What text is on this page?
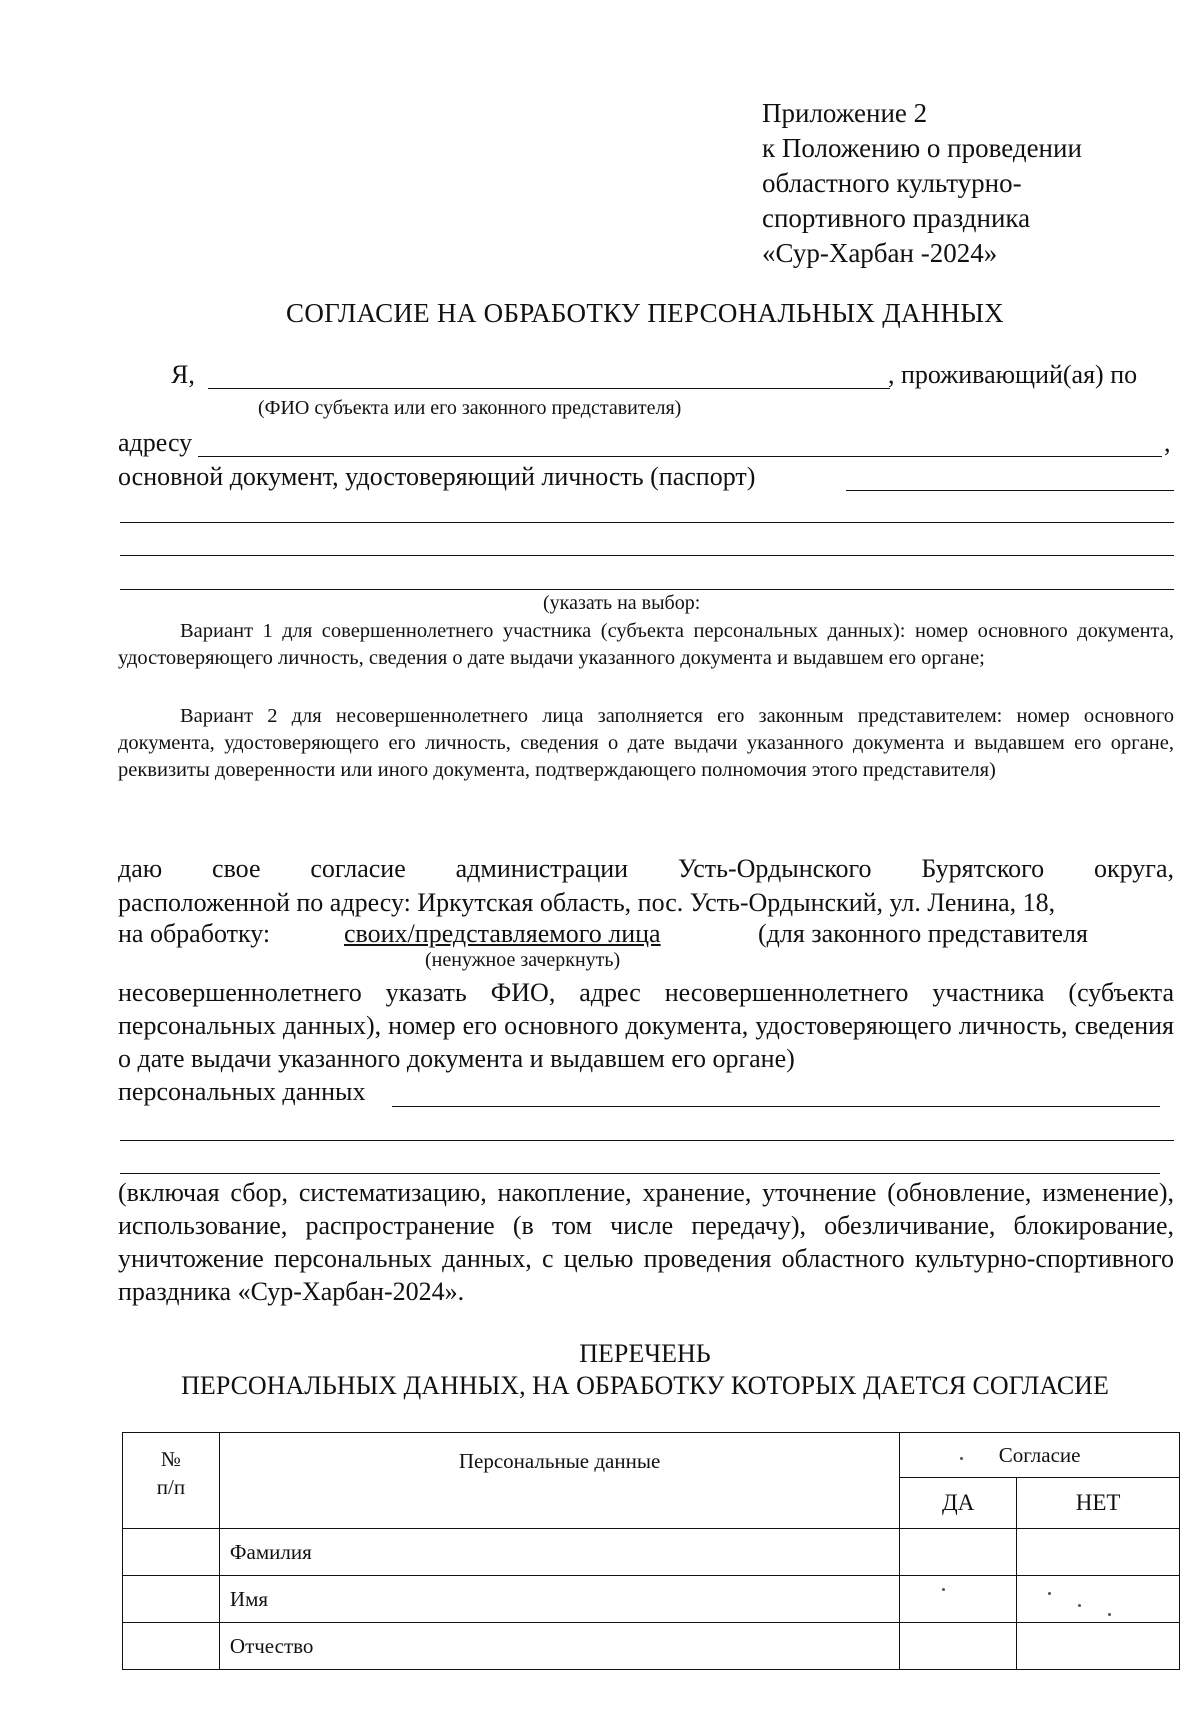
Приложение 2
к Положению о проведении
областного культурно-
спортивного праздника
«Сур-Харбан -2024»
СОГЛАСИЕ НА ОБРАБОТКУ ПЕРСОНАЛЬНЫХ ДАННЫХ
Я,	, проживающий(ая) по
(ФИО субъекта или его законного представителя)
адресу	,
основной документ, удостоверяющий личность (паспорт)
(указать на выбор:
Вариант 1 для совершеннолетнего участника (субъекта персональных данных): номер основного документа, удостоверяющего личность, сведения о дате выдачи указанного документа и выдавшем его органе;
Вариант 2 для несовершеннолетнего лица заполняется его законным представителем: номер основного документа, удостоверяющего его личность, сведения о дате выдачи указанного документа и выдавшем его органе, реквизиты доверенности или иного документа, подтверждающего полномочия этого представителя)
даю свое согласие администрации Усть-Ордынского Бурятского округа,
расположенной по адресу: Иркутская область, пос. Усть-Ордынский, ул. Ленина, 18,
на обработку:	своих/представляемого лица	(для законного представителя
(ненужное зачеркнуть)
несовершеннолетнего указать ФИО, адрес несовершеннолетнего участника (субъекта персональных данных), номер его основного документа, удостоверяющего личность, сведения о дате выдачи указанного документа и выдавшем его органе)
персональных данных
(включая сбор, систематизацию, накопление, хранение, уточнение (обновление, изменение), использование, распространение (в том числе передачу), обезличивание, блокирование, уничтожение персональных данных, с целью проведения областного культурно-спортивного праздника «Сур-Харбан-2024».
ПЕРЕЧЕНЬ
ПЕРСОНАЛЬНЫХ ДАННЫХ, НА ОБРАБОТКУ КОТОРЫХ ДАЕТСЯ СОГЛАСИЕ
№
п/п	Персональные данные	Согласие	
		ДА	НЕТ
	Фамилия		
	Имя		
	Отчество		
